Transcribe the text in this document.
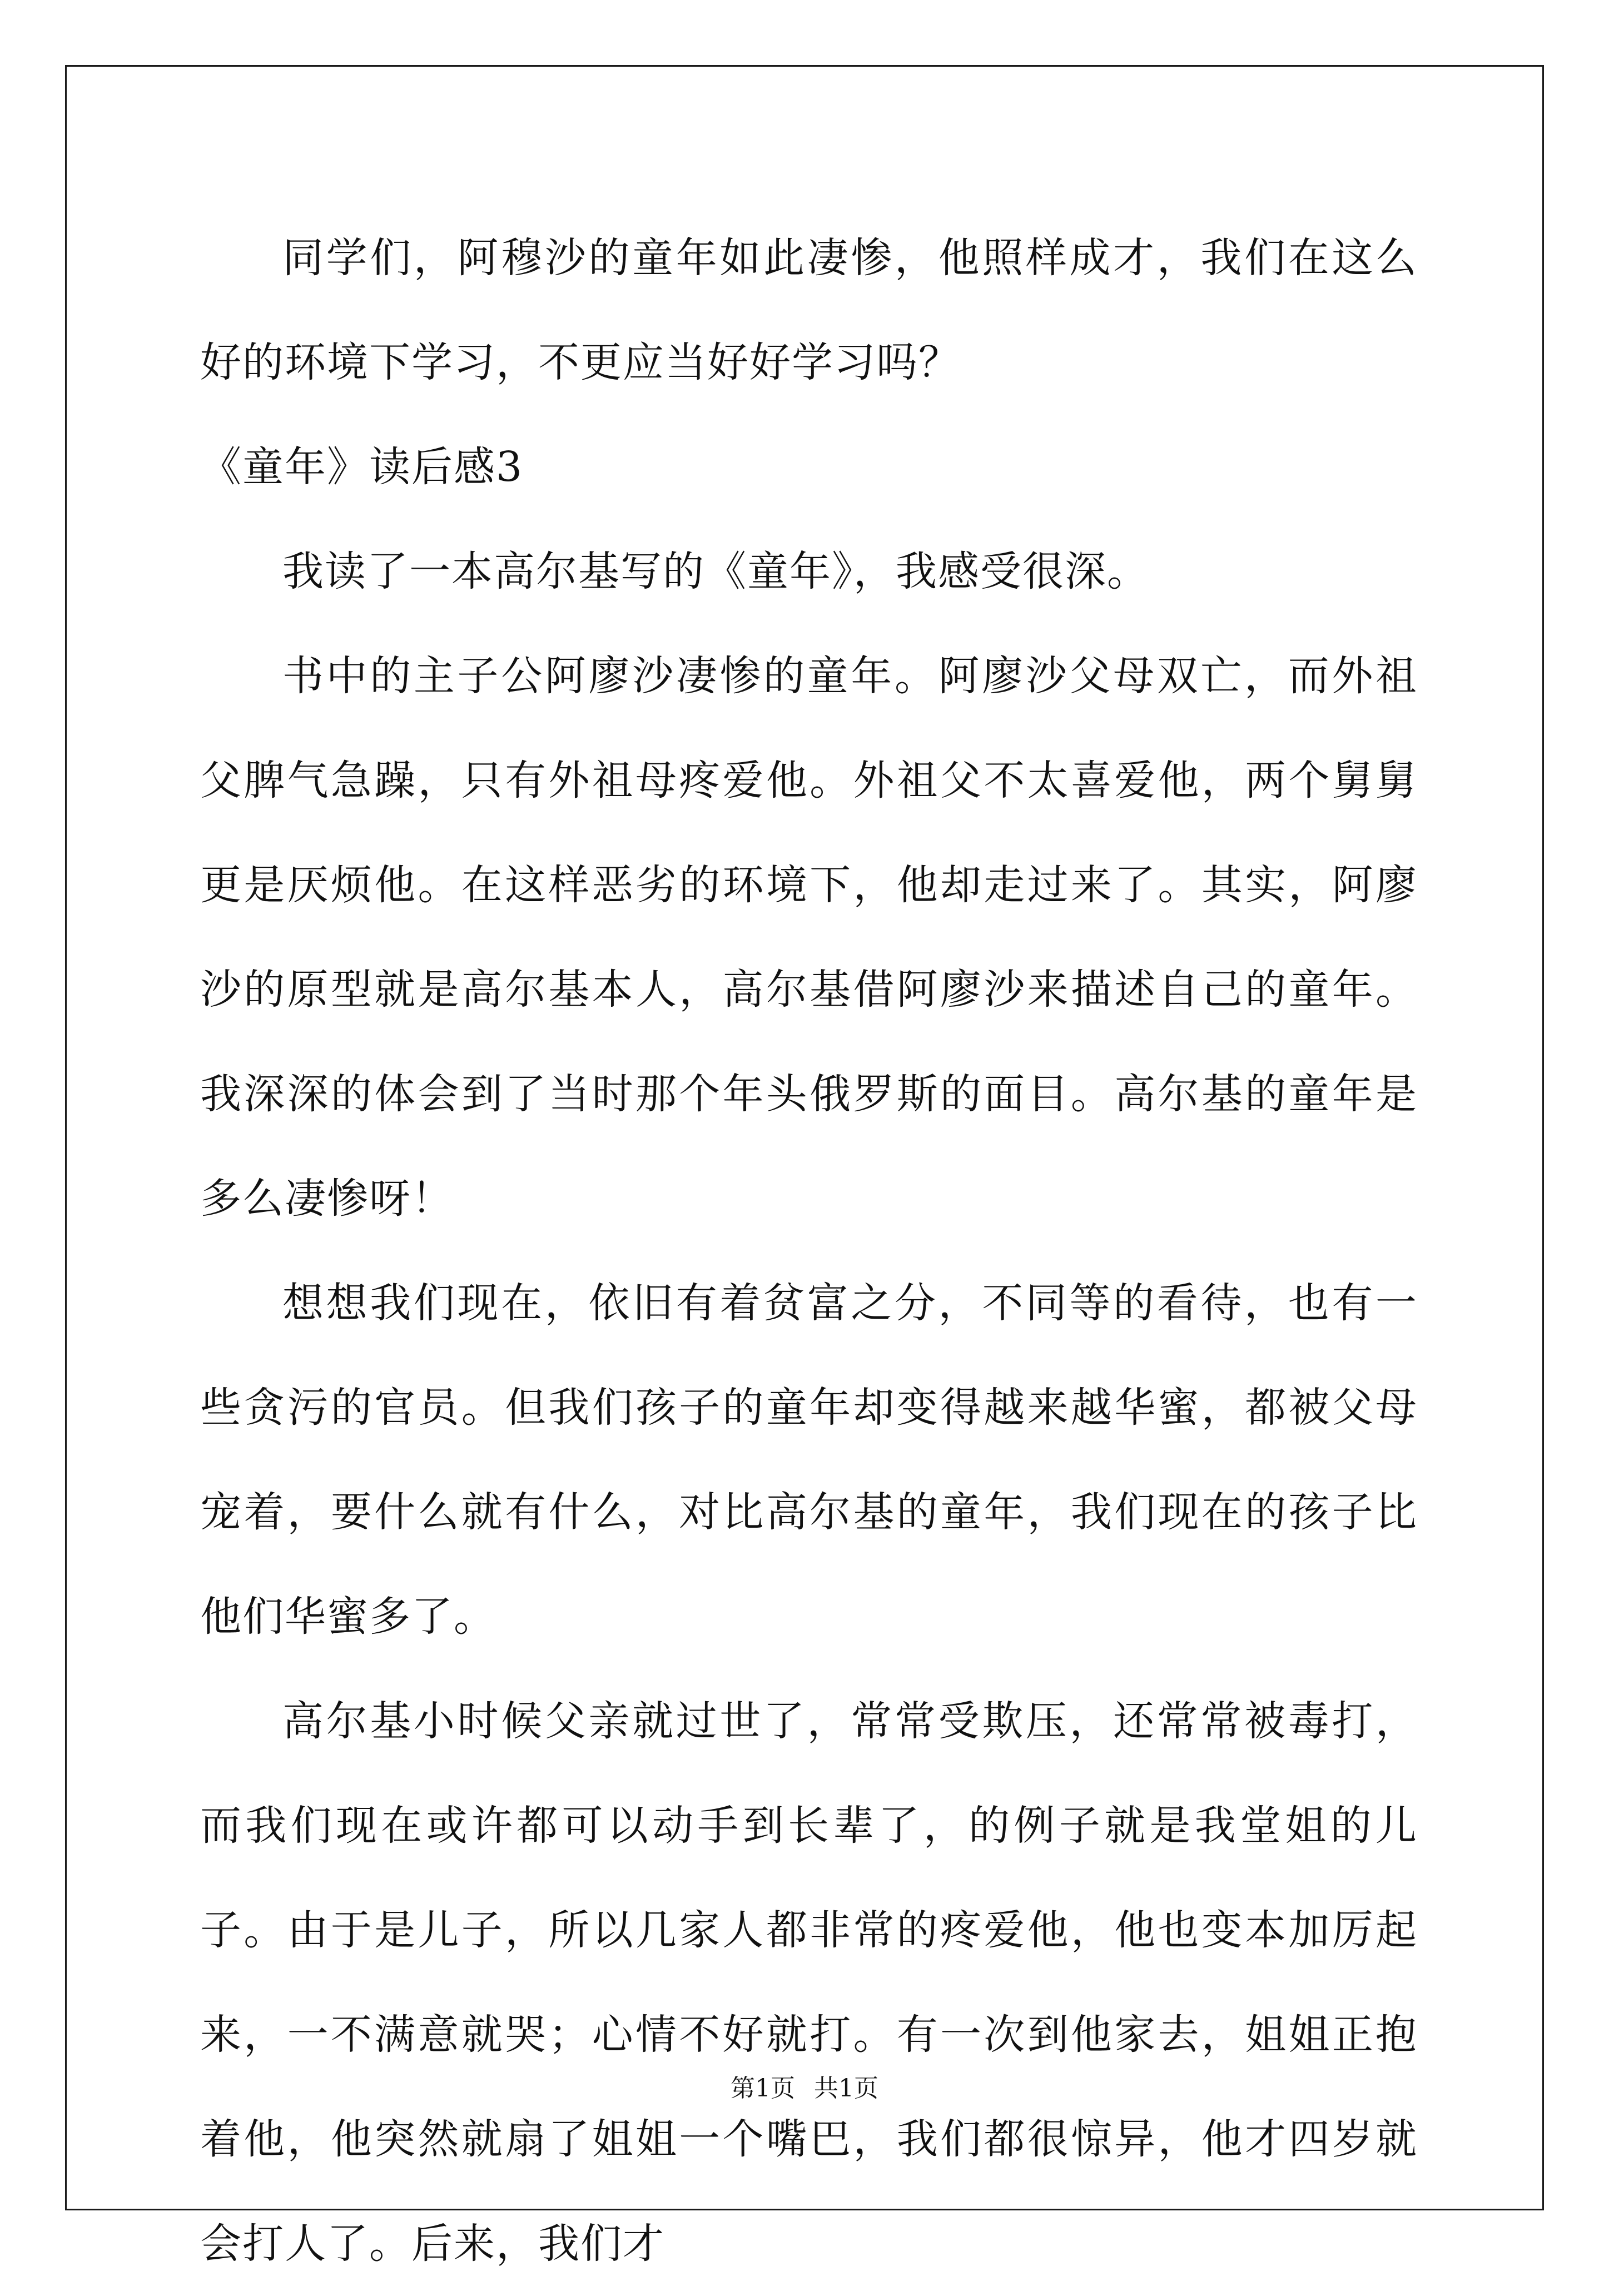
同学们，阿穆沙的童年如此凄惨，他照样成才，我们在这么好的环境下学习，不更应当好好学习吗？

《童年》读后感3

我读了一本高尔基写的《童年》，我感受很深。

书中的主子公阿廖沙凄惨的童年。阿廖沙父母双亡，而外祖父脾气急躁，只有外祖母疼爱他。外祖父不太喜爱他，两个舅舅更是厌烦他。在这样恶劣的环境下，他却走过来了。其实，阿廖沙的原型就是高尔基本人，高尔基借阿廖沙来描述自己的童年。我深深的体会到了当时那个年头俄罗斯的面目。高尔基的童年是多么凄惨呀！

想想我们现在，依旧有着贫富之分，不同等的看待，也有一些贪污的官员。但我们孩子的童年却变得越来越华蜜，都被父母宠着，要什么就有什么，对比高尔基的童年，我们现在的孩子比他们华蜜多了。

高尔基小时候父亲就过世了，常常受欺压，还常常被毒打，而我们现在或许都可以动手到长辈了，的例子就是我堂姐的儿子。由于是儿子，所以几家人都非常的疼爱他，他也变本加厉起来，一不满意就哭；心情不好就打。有一次到他家去，姐姐正抱着他，他突然就扇了姐姐一个嘴巴，我们都很惊异，他才四岁就会打人了。后来，我们才

第1页 共1页
